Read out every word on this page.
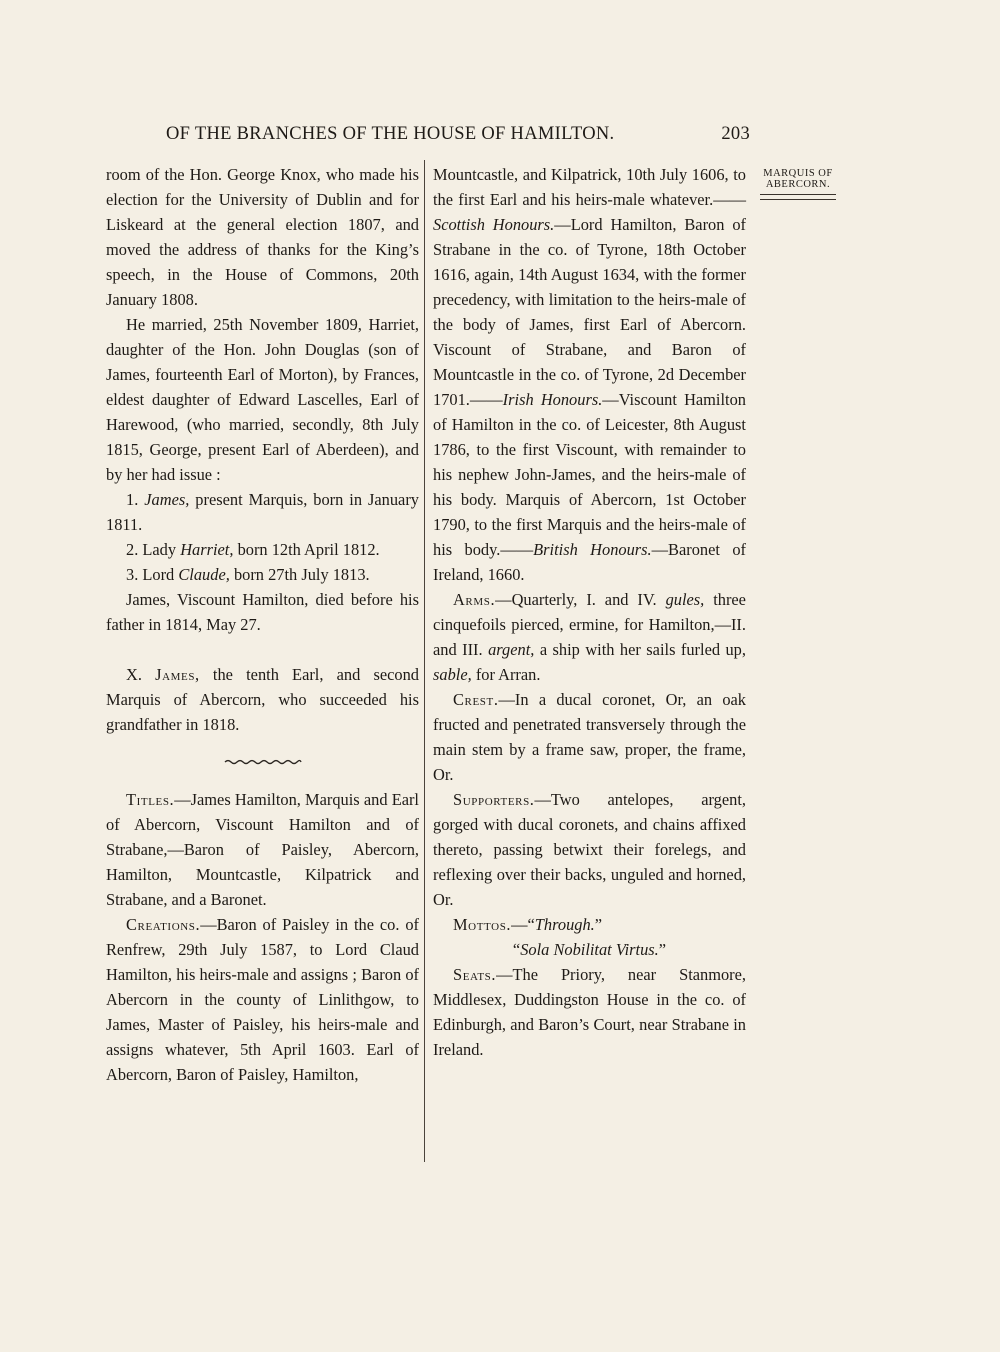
OF THE BRANCHES OF THE HOUSE OF HAMILTON.	203
MARQUIS OF
ABERCORN.

room of the Hon. George Knox, who made his election for the University of Dublin and for Liskeard at the general election 1807, and moved the address of thanks for the King’s speech, in the House of Commons, 20th January 1808.

He married, 25th November 1809, Harriet, daughter of the Hon. John Douglas (son of James, fourteenth Earl of Morton), by Frances, eldest daughter of Edward Lascelles, Earl of Harewood, (who married, secondly, 8th July 1815, George, present Earl of Aberdeen), and by her had issue :

1. James, present Marquis, born in January 1811.

2. Lady Harriet, born 12th April 1812.

3. Lord Claude, born 27th July 1813.

James, Viscount Hamilton, died before his father in 1814, May 27.

X. James, the tenth Earl, and second Marquis of Abercorn, who succeeded his grandfather in 1818.

Titles.—James Hamilton, Marquis and Earl of Abercorn, Viscount Hamilton and of Strabane,—Baron of Paisley, Abercorn, Hamilton, Mountcastle, Kilpatrick and Strabane, and a Baronet.

Creations.—Baron of Paisley in the co. of Renfrew, 29th July 1587, to Lord Claud Hamilton, his heirs-male and assigns ; Baron of Abercorn in the county of Linlithgow, to James, Master of Paisley, his heirs-male and assigns whatever, 5th April 1603. Earl of Abercorn, Baron of Paisley, Hamilton,

Mountcastle, and Kilpatrick, 10th July 1606, to the first Earl and his heirs-male whatever.——Scottish Honours.—Lord Hamilton, Baron of Strabane in the co. of Tyrone, 18th October 1616, again, 14th August 1634, with the former precedency, with limitation to the heirs-male of the body of James, first Earl of Abercorn. Viscount of Strabane, and Baron of Mountcastle in the co. of Tyrone, 2d December 1701.——Irish Honours.—Viscount Hamilton of Hamilton in the co. of Leicester, 8th August 1786, to the first Viscount, with remainder to his nephew John-James, and the heirs-male of his body. Marquis of Abercorn, 1st October 1790, to the first Marquis and the heirs-male of his body.——British Honours.—Baronet of Ireland, 1660.

Arms.—Quarterly, I. and IV. gules, three cinquefoils pierced, ermine, for Hamilton,—II. and III. argent, a ship with her sails furled up, sable, for Arran.

Crest.—In a ducal coronet, Or, an oak fructed and penetrated transversely through the main stem by a frame saw, proper, the frame, Or.

Supporters.—Two antelopes, argent, gorged with ducal coronets, and chains affixed thereto, passing betwixt their forelegs, and reflexing over their backs, unguled and horned, Or.

Mottos.—“Through.”

“Sola Nobilitat Virtus.”

Seats.—The Priory, near Stanmore, Middlesex, Duddingston House in the co. of Edinburgh, and Baron’s Court, near Strabane in Ireland.
